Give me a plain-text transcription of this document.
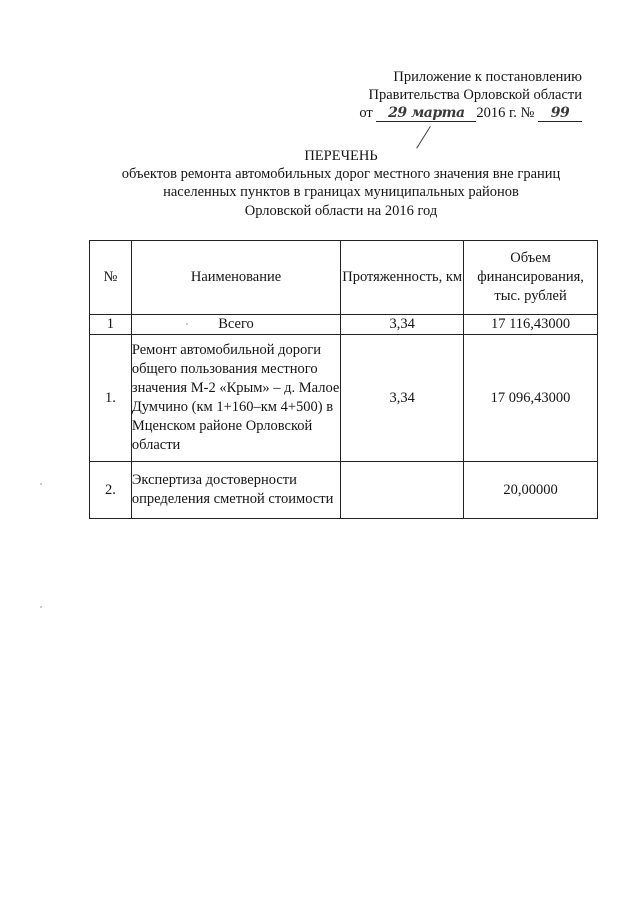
Приложение к постановлению
Правительства Орловской области
от 29 марта 2016 г. № 99
ПЕРЕЧЕНЬ
объектов ремонта автомобильных дорог местного значения вне границ
населенных пунктов в границах муниципальных районов
Орловской области на 2016 год
№	Наименование	Протяженность, км	Объем финансирования, тыс. рублей
1	Всего	3,34	17 116,43000
1.	Ремонт автомобильной дороги общего пользования местного значения М-2 «Крым» – д. Малое Думчино (км 1+160–км 4+500) в Мценском районе Орловской области	3,34	17 096,43000
2.	Экспертиза достоверности определения сметной стоимости		20,00000
